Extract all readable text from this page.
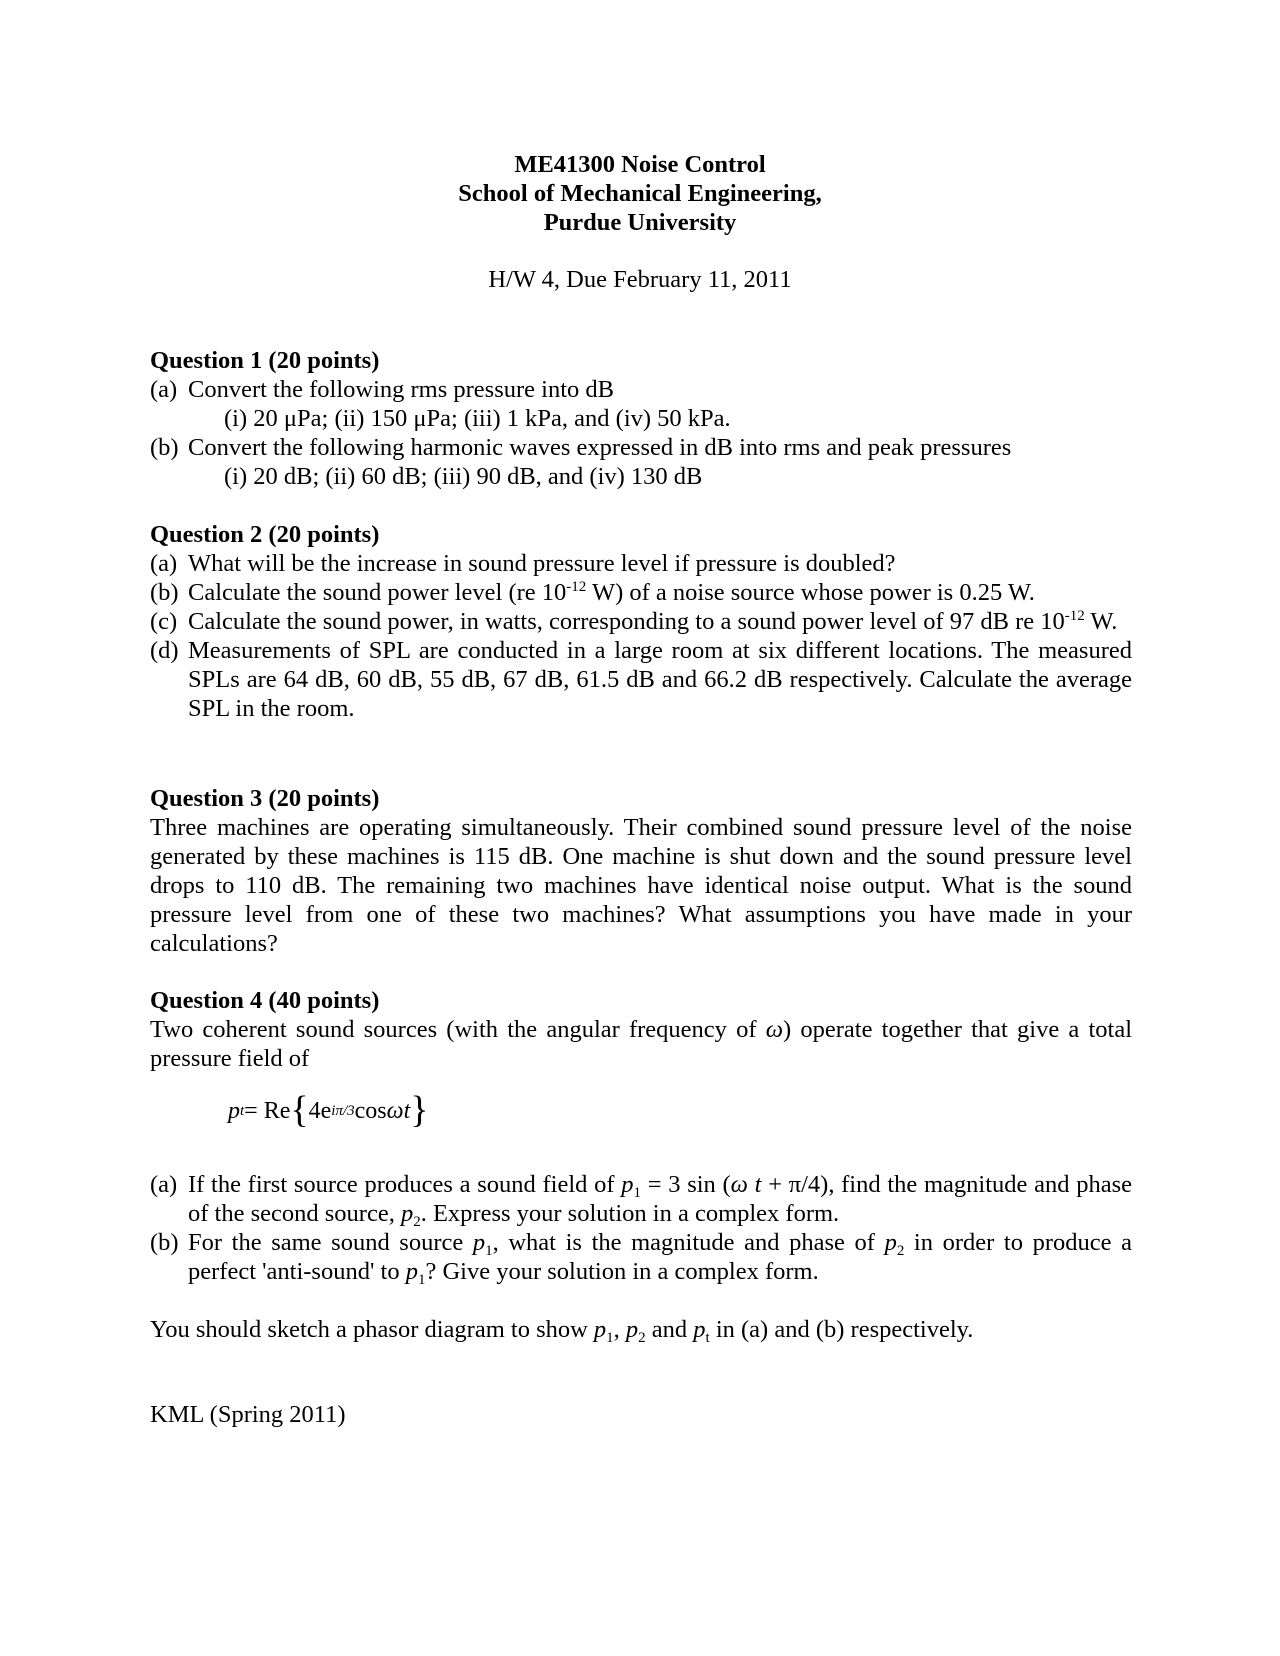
ME41300 Noise Control
School of Mechanical Engineering,
Purdue University
H/W 4, Due February 11, 2011
Question 1 (20 points)
(a) Convert the following rms pressure into dB
(i) 20 μPa; (ii) 150 μPa; (iii) 1 kPa, and (iv) 50 kPa.
(b) Convert the following harmonic waves expressed in dB into rms and peak pressures
(i) 20 dB; (ii) 60 dB; (iii) 90 dB, and (iv) 130 dB
Question 2 (20 points)
(a) What will be the increase in sound pressure level if pressure is doubled?
(b) Calculate the sound power level (re $10^{-12}$ W) of a noise source whose power is 0.25 W.
(c) Calculate the sound power, in watts, corresponding to a sound power level of 97 dB re $10^{-12}$ W.
(d) Measurements of SPL are conducted in a large room at six different locations. The measured SPLs are 64 dB, 60 dB, 55 dB, 67 dB, 61.5 dB and 66.2 dB respectively. Calculate the average SPL in the room.
Question 3 (20 points)
Three machines are operating simultaneously. Their combined sound pressure level of the noise generated by these machines is 115 dB. One machine is shut down and the sound pressure level drops to 110 dB. The remaining two machines have identical noise output. What is the sound pressure level from one of these two machines? What assumptions you have made in your calculations?
Question 4 (40 points)
Two coherent sound sources (with the angular frequency of ω) operate together that give a total pressure field of
p t = Re { 4e iπ/3 cos ωt }
(a) If the first source produces a sound field of $p_1 = 3$ sin (ω t + π/4), find the magnitude and phase of the second source, $p_2$. Express your solution in a complex form.
(b) For the same sound source $p_1$, what is the magnitude and phase of $p_2$ in order to produce a perfect 'anti-sound' to $p_1$? Give your solution in a complex form.
You should sketch a phasor diagram to show $p_1$, $p_2$ and $p_t$ in (a) and (b) respectively.
KML (Spring 2011)
